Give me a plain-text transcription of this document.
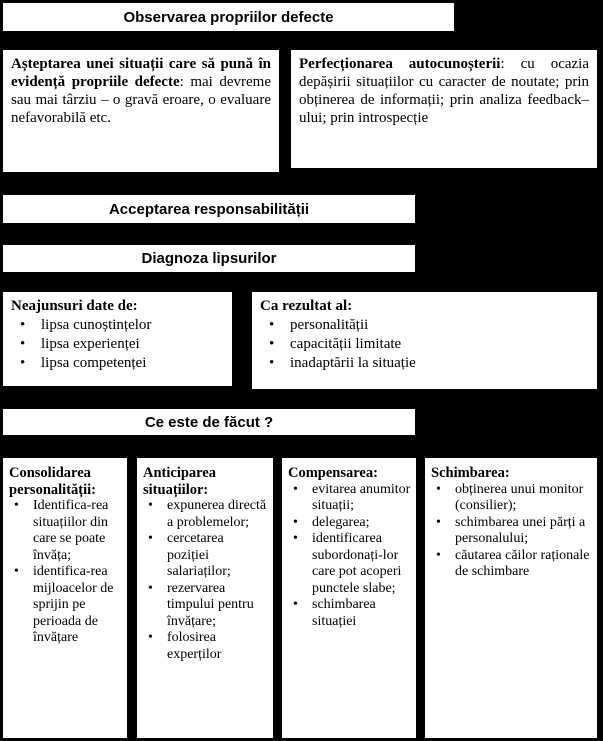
Observarea propriilor defecte
Așteptarea unei situații care să pună în evidență propriile defecte: mai devreme sau mai târziu – o gravă eroare, o evaluare nefavorabilă etc.
Perfecționarea autocunoșterii: cu ocazia depășirii situațiilor cu caracter de noutate; prin obținerea de informații; prin analiza feedback–ului; prin introspecție
Acceptarea responsabilității
Diagnoza lipsurilor
Neajunsuri date de:
• lipsa cunoștințelor
• lipsa experienței
• lipsa competenței
Ca rezultat al:
• personalității
• capacității limitate
• inadaptării la situație
Ce este de făcut ?
Consolidarea personalității:
• Identifica-rea situațiilor din care se poate învăța;
• identifica-rea mijloacelor de sprijin pe perioada de învățare
Anticiparea situațiilor:
• expunerea directă a problemelor;
• cercetarea poziției salariaților;
• rezervarea timpului pentru învățare;
• folosirea experților
Compensarea:
• evitarea anumitor situații;
• delegarea;
• identificarea subordonați-lor care pot acoperi punctele slabe;
• schimbarea situației
Schimbarea:
• obținerea unui monitor (consilier);
• schimbarea unei părți a personalului;
• căutarea căilor raționale de schimbare
